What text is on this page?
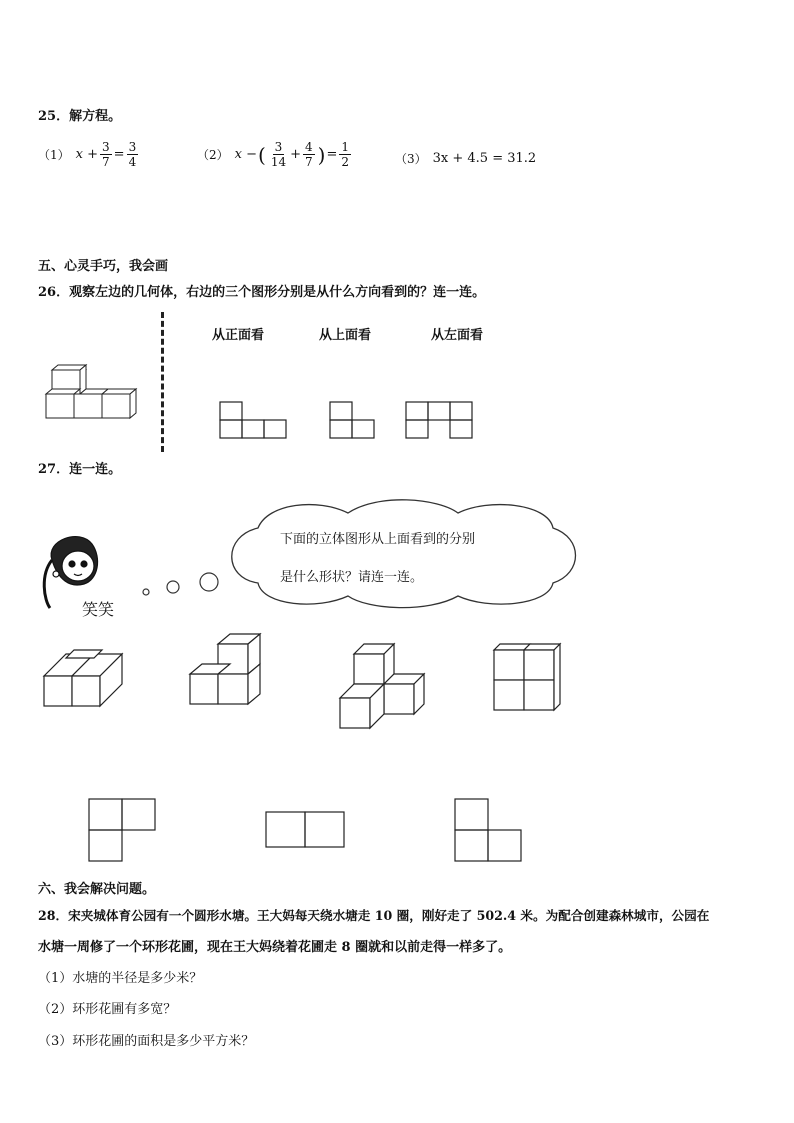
25．解方程。
（1） $x + \frac{3}{7} = \frac{3}{4}$	（2） x − ( $\frac{3}{14} + \frac{4}{7}$ ) = $\frac{1}{2}$	（3） 3x + 4.5 = 31.2
五、心灵手巧，我会画
26．观察左边的几何体，右边的三个图形分别是从什么方向看到的？连一连。
从正面看	从上面看	从左面看
27．连一连。
笑笑
下面的立体图形从上面看到的分别
是什么形状？请连一连。
六、我会解决问题。
28．宋夹城体育公园有一个圆形水塘。王大妈每天绕水塘走 10 圈，刚好走了 502.4 米。为配合创建森林城市，公园在
水塘一周修了一个环形花圃，现在王大妈绕着花圃走 8 圈就和以前走得一样多了。
（1）水塘的半径是多少米？
（2）环形花圃有多宽？
（3）环形花圃的面积是多少平方米？
